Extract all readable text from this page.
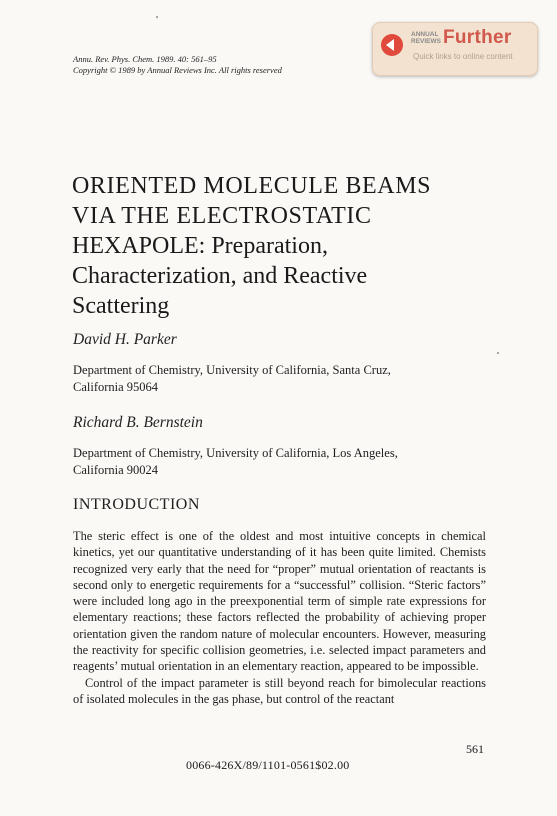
Annu. Rev. Phys. Chem. 1989. 40: 561–95
Copyright © 1989 by Annual Reviews Inc. All rights reserved
ANNUAL
REVIEWS Further
Quick links to online content
ORIENTED MOLECULE BEAMS
VIA THE ELECTROSTATIC
HEXAPOLE: Preparation,
Characterization, and Reactive
Scattering
David H. Parker
Department of Chemistry, University of California, Santa Cruz,
California 95064
Richard B. Bernstein
Department of Chemistry, University of California, Los Angeles,
California 90024
INTRODUCTION

The steric effect is one of the oldest and most intuitive concepts in chemical kinetics, yet our quantitative understanding of it has been quite limited. Chemists recognized very early that the need for “proper” mutual orientation of reactants is second only to energetic requirements for a “successful” collision. “Steric factors” were included long ago in the preexponential term of simple rate expressions for elementary reactions; these factors reflected the probability of achieving proper orientation given the random nature of molecular encounters. However, measuring the reactivity for specific collision geometries, i.e. selected impact parameters and reagents’ mutual orientation in an elementary reaction, appeared to be impossible.

Control of the impact parameter is still beyond reach for bimolecular reactions of isolated molecules in the gas phase, but control of the reactant

561
0066-426X/89/1101-0561$02.00
